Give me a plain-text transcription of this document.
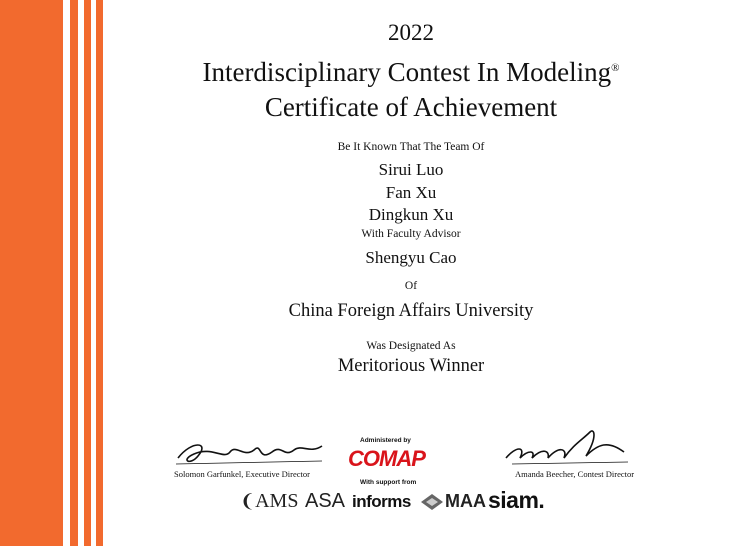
2022
Interdisciplinary Contest In Modeling®
Certificate of Achievement
Be It Known That The Team Of
Sirui Luo
Fan Xu
Dingkun Xu
With Faculty Advisor
Shengyu Cao
Of
China Foreign Affairs University
Was Designated As
Meritorious Winner
Solomon Garfunkel, Executive Director	Amanda Beecher, Contest Director
Administered by
COMAP
With support from
❨AMS ASA informs MAA siam.
